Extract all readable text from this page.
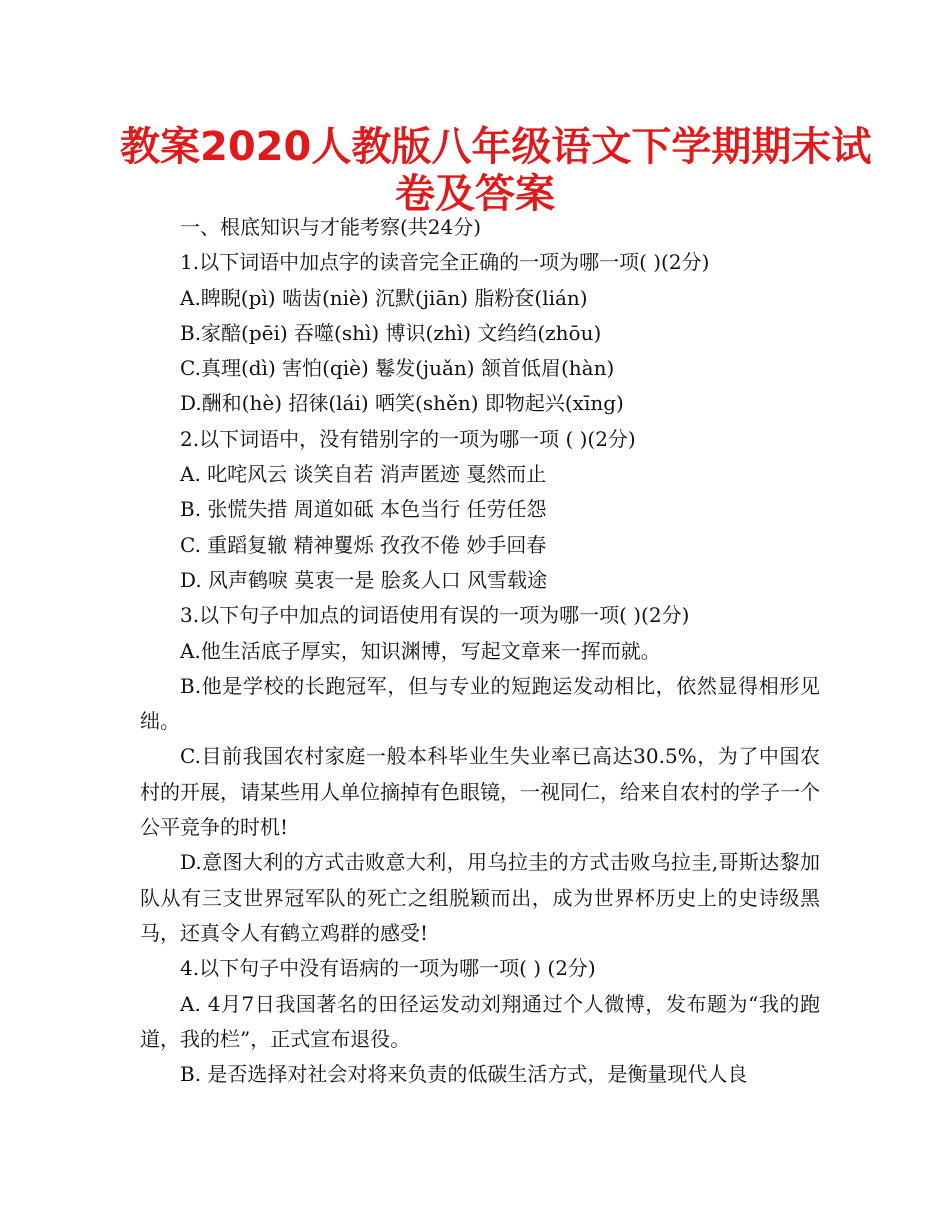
教案2020人教版八年级语文下学期期末试
卷及答案

一、根底知识与才能考察(共24分)

1.以下词语中加点字的读音完全正确的一项为哪一项( )(2分)

A.睥睨(pì) 啮齿(niè) 沉默(jiān) 脂粉奁(lián)

B.家醅(pēi) 吞噬(shì) 博识(zhì) 文绉绉(zhōu)

C.真理(dì) 害怕(qiè) 鬈发(juǎn) 颔首低眉(hàn)

D.酬和(hè) 招徕(lái) 哂笑(shěn) 即物起兴(xīng)

2.以下词语中，没有错别字的一项为哪一项 ( )(2分)

A. 叱咤风云 谈笑自若 消声匿迹 戛然而止

B. 张慌失措 周道如砥 本色当行 任劳任怨

C. 重蹈复辙 精神矍烁 孜孜不倦 妙手回春

D. 风声鹤唳 莫衷一是 脍炙人口 风雪载途

3.以下句子中加点的词语使用有误的一项为哪一项( )(2分)

A.他生活底子厚实，知识渊博，写起文章来一挥而就。

B.他是学校的长跑冠军，但与专业的短跑运发动相比，依然显得相形见绌。

C.目前我国农村家庭一般本科毕业生失业率已高达30.5%，为了中国农村的开展，请某些用人单位摘掉有色眼镜，一视同仁，给来自农村的学子一个公平竞争的时机!

D.意图大利的方式击败意大利，用乌拉圭的方式击败乌拉圭,哥斯达黎加队从有三支世界冠军队的死亡之组脱颖而出，成为世界杯历史上的史诗级黑马，还真令人有鹤立鸡群的感受!

4.以下句子中没有语病的一项为哪一项( ) (2分)

A. 4月7日我国著名的田径运发动刘翔通过个人微博，发布题为“我的跑道，我的栏”，正式宣布退役。

B. 是否选择对社会对将来负责的低碳生活方式，是衡量现代人良
